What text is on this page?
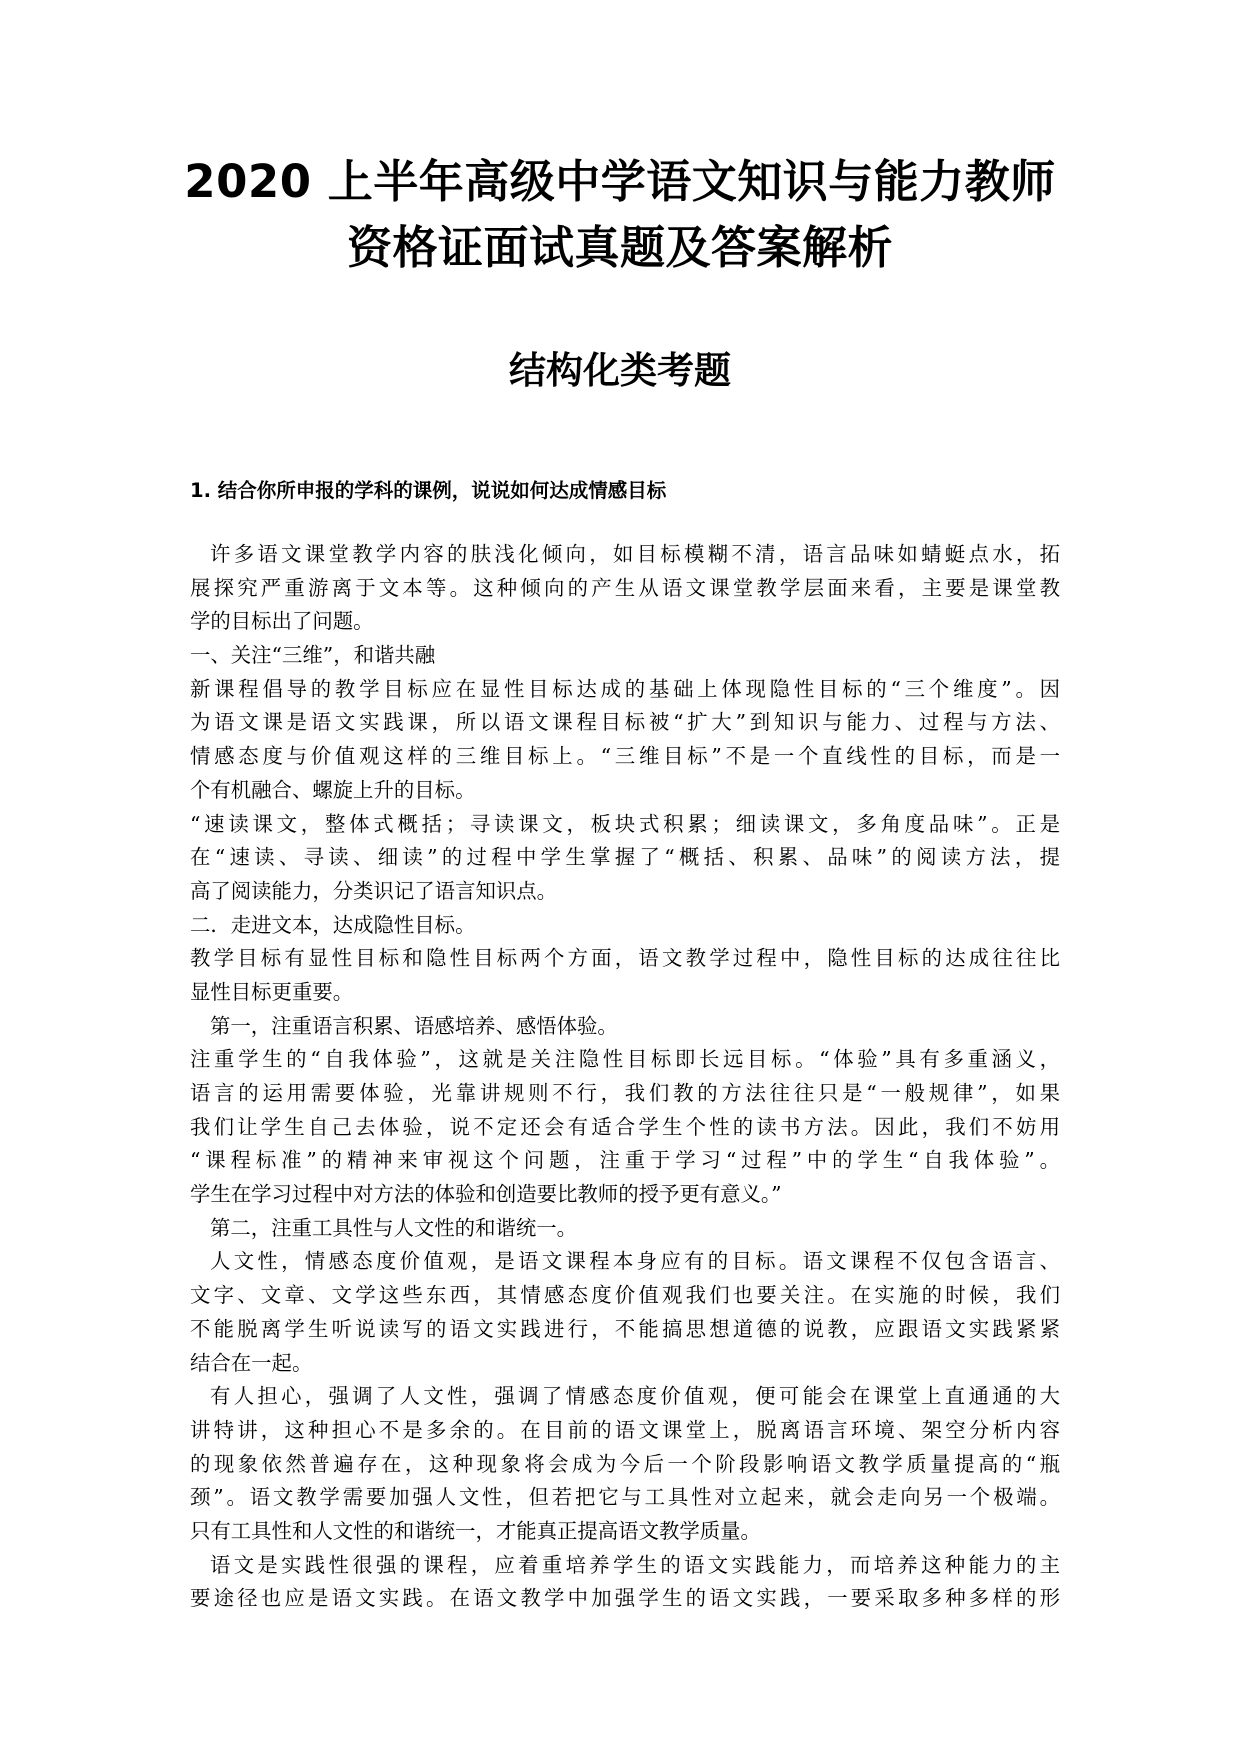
2020 上半年高级中学语文知识与能力教师
资格证面试真题及答案解析
结构化类考题
1. 结合你所申报的学科的课例，说说如何达成情感目标
许多语文课堂教学内容的肤浅化倾向，如目标模糊不清，语言品味如蜻蜓点水，拓
展探究严重游离于文本等。这种倾向的产生从语文课堂教学层面来看，主要是课堂教
学的目标出了问题。
一、关注“三维”，和谐共融
新课程倡导的教学目标应在显性目标达成的基础上体现隐性目标的“三个维度”。因
为语文课是语文实践课，所以语文课程目标被“扩大”到知识与能力、过程与方法、
情感态度与价值观这样的三维目标上。“三维目标”不是一个直线性的目标，而是一
个有机融合、螺旋上升的目标。
“速读课文，整体式概括；寻读课文，板块式积累；细读课文，多角度品味”。正是
在“速读、寻读、细读”的过程中学生掌握了“概括、积累、品味”的阅读方法，提
高了阅读能力，分类识记了语言知识点。
二．走进文本，达成隐性目标。
教学目标有显性目标和隐性目标两个方面，语文教学过程中，隐性目标的达成往往比
显性目标更重要。
第一，注重语言积累、语感培养、感悟体验。
注重学生的“自我体验”，这就是关注隐性目标即长远目标。“体验”具有多重涵义，
语言的运用需要体验，光靠讲规则不行，我们教的方法往往只是“一般规律”，如果
我们让学生自己去体验，说不定还会有适合学生个性的读书方法。因此，我们不妨用
“课程标准”的精神来审视这个问题，注重于学习“过程”中的学生“自我体验”。
学生在学习过程中对方法的体验和创造要比教师的授予更有意义。”
第二，注重工具性与人文性的和谐统一。
人文性，情感态度价值观，是语文课程本身应有的目标。语文课程不仅包含语言、
文字、文章、文学这些东西，其情感态度价值观我们也要关注。在实施的时候，我们
不能脱离学生听说读写的语文实践进行，不能搞思想道德的说教，应跟语文实践紧紧
结合在一起。
有人担心，强调了人文性，强调了情感态度价值观，便可能会在课堂上直通通的大
讲特讲，这种担心不是多余的。在目前的语文课堂上，脱离语言环境、架空分析内容
的现象依然普遍存在，这种现象将会成为今后一个阶段影响语文教学质量提高的“瓶
颈”。语文教学需要加强人文性，但若把它与工具性对立起来，就会走向另一个极端。
只有工具性和人文性的和谐统一，才能真正提高语文教学质量。
语文是实践性很强的课程，应着重培养学生的语文实践能力，而培养这种能力的主
要途径也应是语文实践。在语文教学中加强学生的语文实践，一要采取多种多样的形
